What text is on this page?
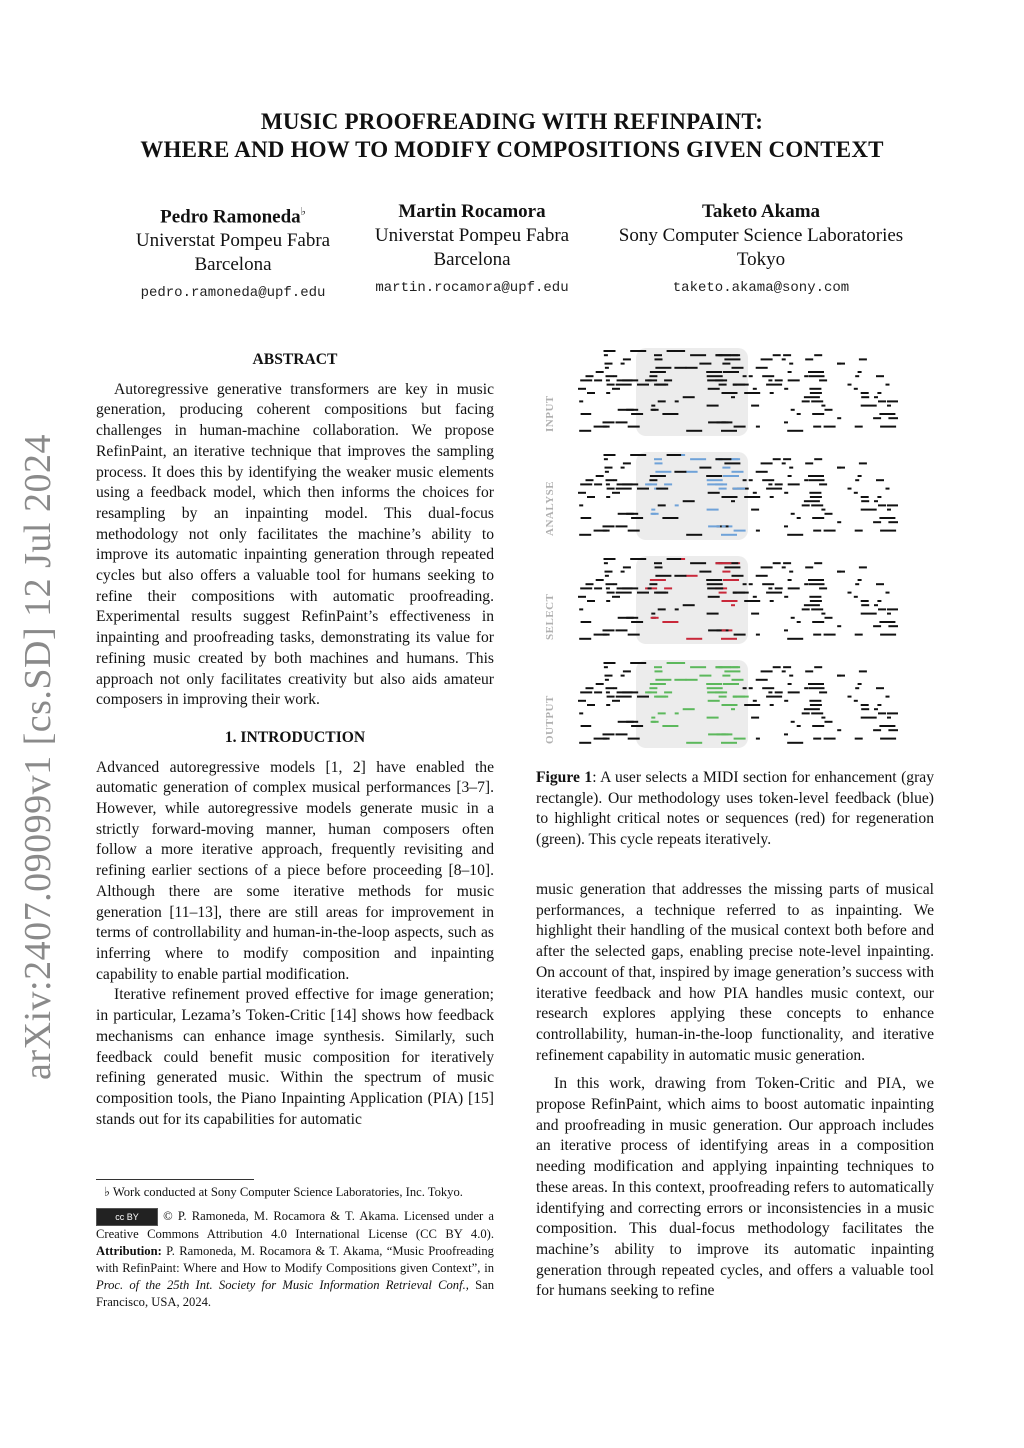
arXiv:2407.09099v1 [cs.SD] 12 Jul 2024
MUSIC PROOFREADING WITH REFINPAINT:
WHERE AND HOW TO MODIFY COMPOSITIONS GIVEN CONTEXT
Pedro Ramoneda♭
Universtat Pompeu Fabra
Barcelona
pedro.ramoneda@upf.edu
Martin Rocamora
Universtat Pompeu Fabra
Barcelona
martin.rocamora@upf.edu
Taketo Akama
Sony Computer Science Laboratories
Tokyo
taketo.akama@sony.com
ABSTRACT

Autoregressive generative transformers are key in music generation, producing coherent compositions but facing challenges in human-machine collaboration. We propose RefinPaint, an iterative technique that improves the sampling process. It does this by identifying the weaker music elements using a feedback model, which then informs the choices for resampling by an inpainting model. This dual-focus methodology not only facilitates the machine’s ability to improve its automatic inpainting generation through repeated cycles but also offers a valuable tool for humans seeking to refine their compositions with automatic proofreading. Experimental results suggest RefinPaint’s effectiveness in inpainting and proofreading tasks, demonstrating its value for refining music created by both machines and humans. This approach not only facilitates creativity but also aids amateur composers in improving their work.

1. INTRODUCTION

Advanced autoregressive models [1, 2] have enabled the automatic generation of complex musical performances [3–7]. However, while autoregressive models generate music in a strictly forward-moving manner, human composers often follow a more iterative approach, frequently revisiting and refining earlier sections of a piece before proceeding [8–10]. Although there are some iterative methods for music generation [11–13], there are still areas for improvement in terms of controllability and human-in-the-loop aspects, such as inferring where to modify composition and inpainting capability to enable partial modification.

Iterative refinement proved effective for image generation; in particular, Lezama’s Token-Critic [14] shows how feedback mechanisms can enhance image synthesis. Similarly, such feedback could benefit music composition for iteratively refining generated music. Within the spectrum of music composition tools, the Piano Inpainting Application (PIA) [15] stands out for its capabilities for automatic

♭ Work conducted at Sony Computer Science Laboratories, Inc. Tokyo.
cc BY © P. Ramoneda, M. Rocamora & T. Akama. Licensed under a Creative Commons Attribution 4.0 International License (CC BY 4.0). Attribution: P. Ramoneda, M. Rocamora & T. Akama, “Music Proofreading with RefinPaint: Where and How to Modify Compositions given Context”, in Proc. of the 25th Int. Society for Music Information Retrieval Conf., San Francisco, USA, 2024.
INPUT
ANALYSE
SELECT
OUTPUT

Figure 1: A user selects a MIDI section for enhancement (gray rectangle). Our methodology uses token-level feedback (blue) to highlight critical notes or sequences (red) for regeneration (green). This cycle repeats iteratively.

music generation that addresses the missing parts of musical performances, a technique referred to as inpainting. We highlight their handling of the musical context both before and after the selected gaps, enabling precise note-level inpainting. On account of that, inspired by image generation’s success with iterative feedback and how PIA handles music context, our research explores applying these concepts to enhance controllability, human-in-the-loop functionality, and iterative refinement capability in automatic music generation.

In this work, drawing from Token-Critic and PIA, we propose RefinPaint, which aims to boost automatic inpainting and proofreading in music generation. Our approach includes an iterative process of identifying areas in a composition needing modification and applying inpainting techniques to these areas. In this context, proofreading refers to automatically identifying and correcting errors or inconsistencies in a music composition. This dual-focus methodology facilitates the machine’s ability to improve its automatic inpainting generation through repeated cycles, and offers a valuable tool for humans seeking to refine
